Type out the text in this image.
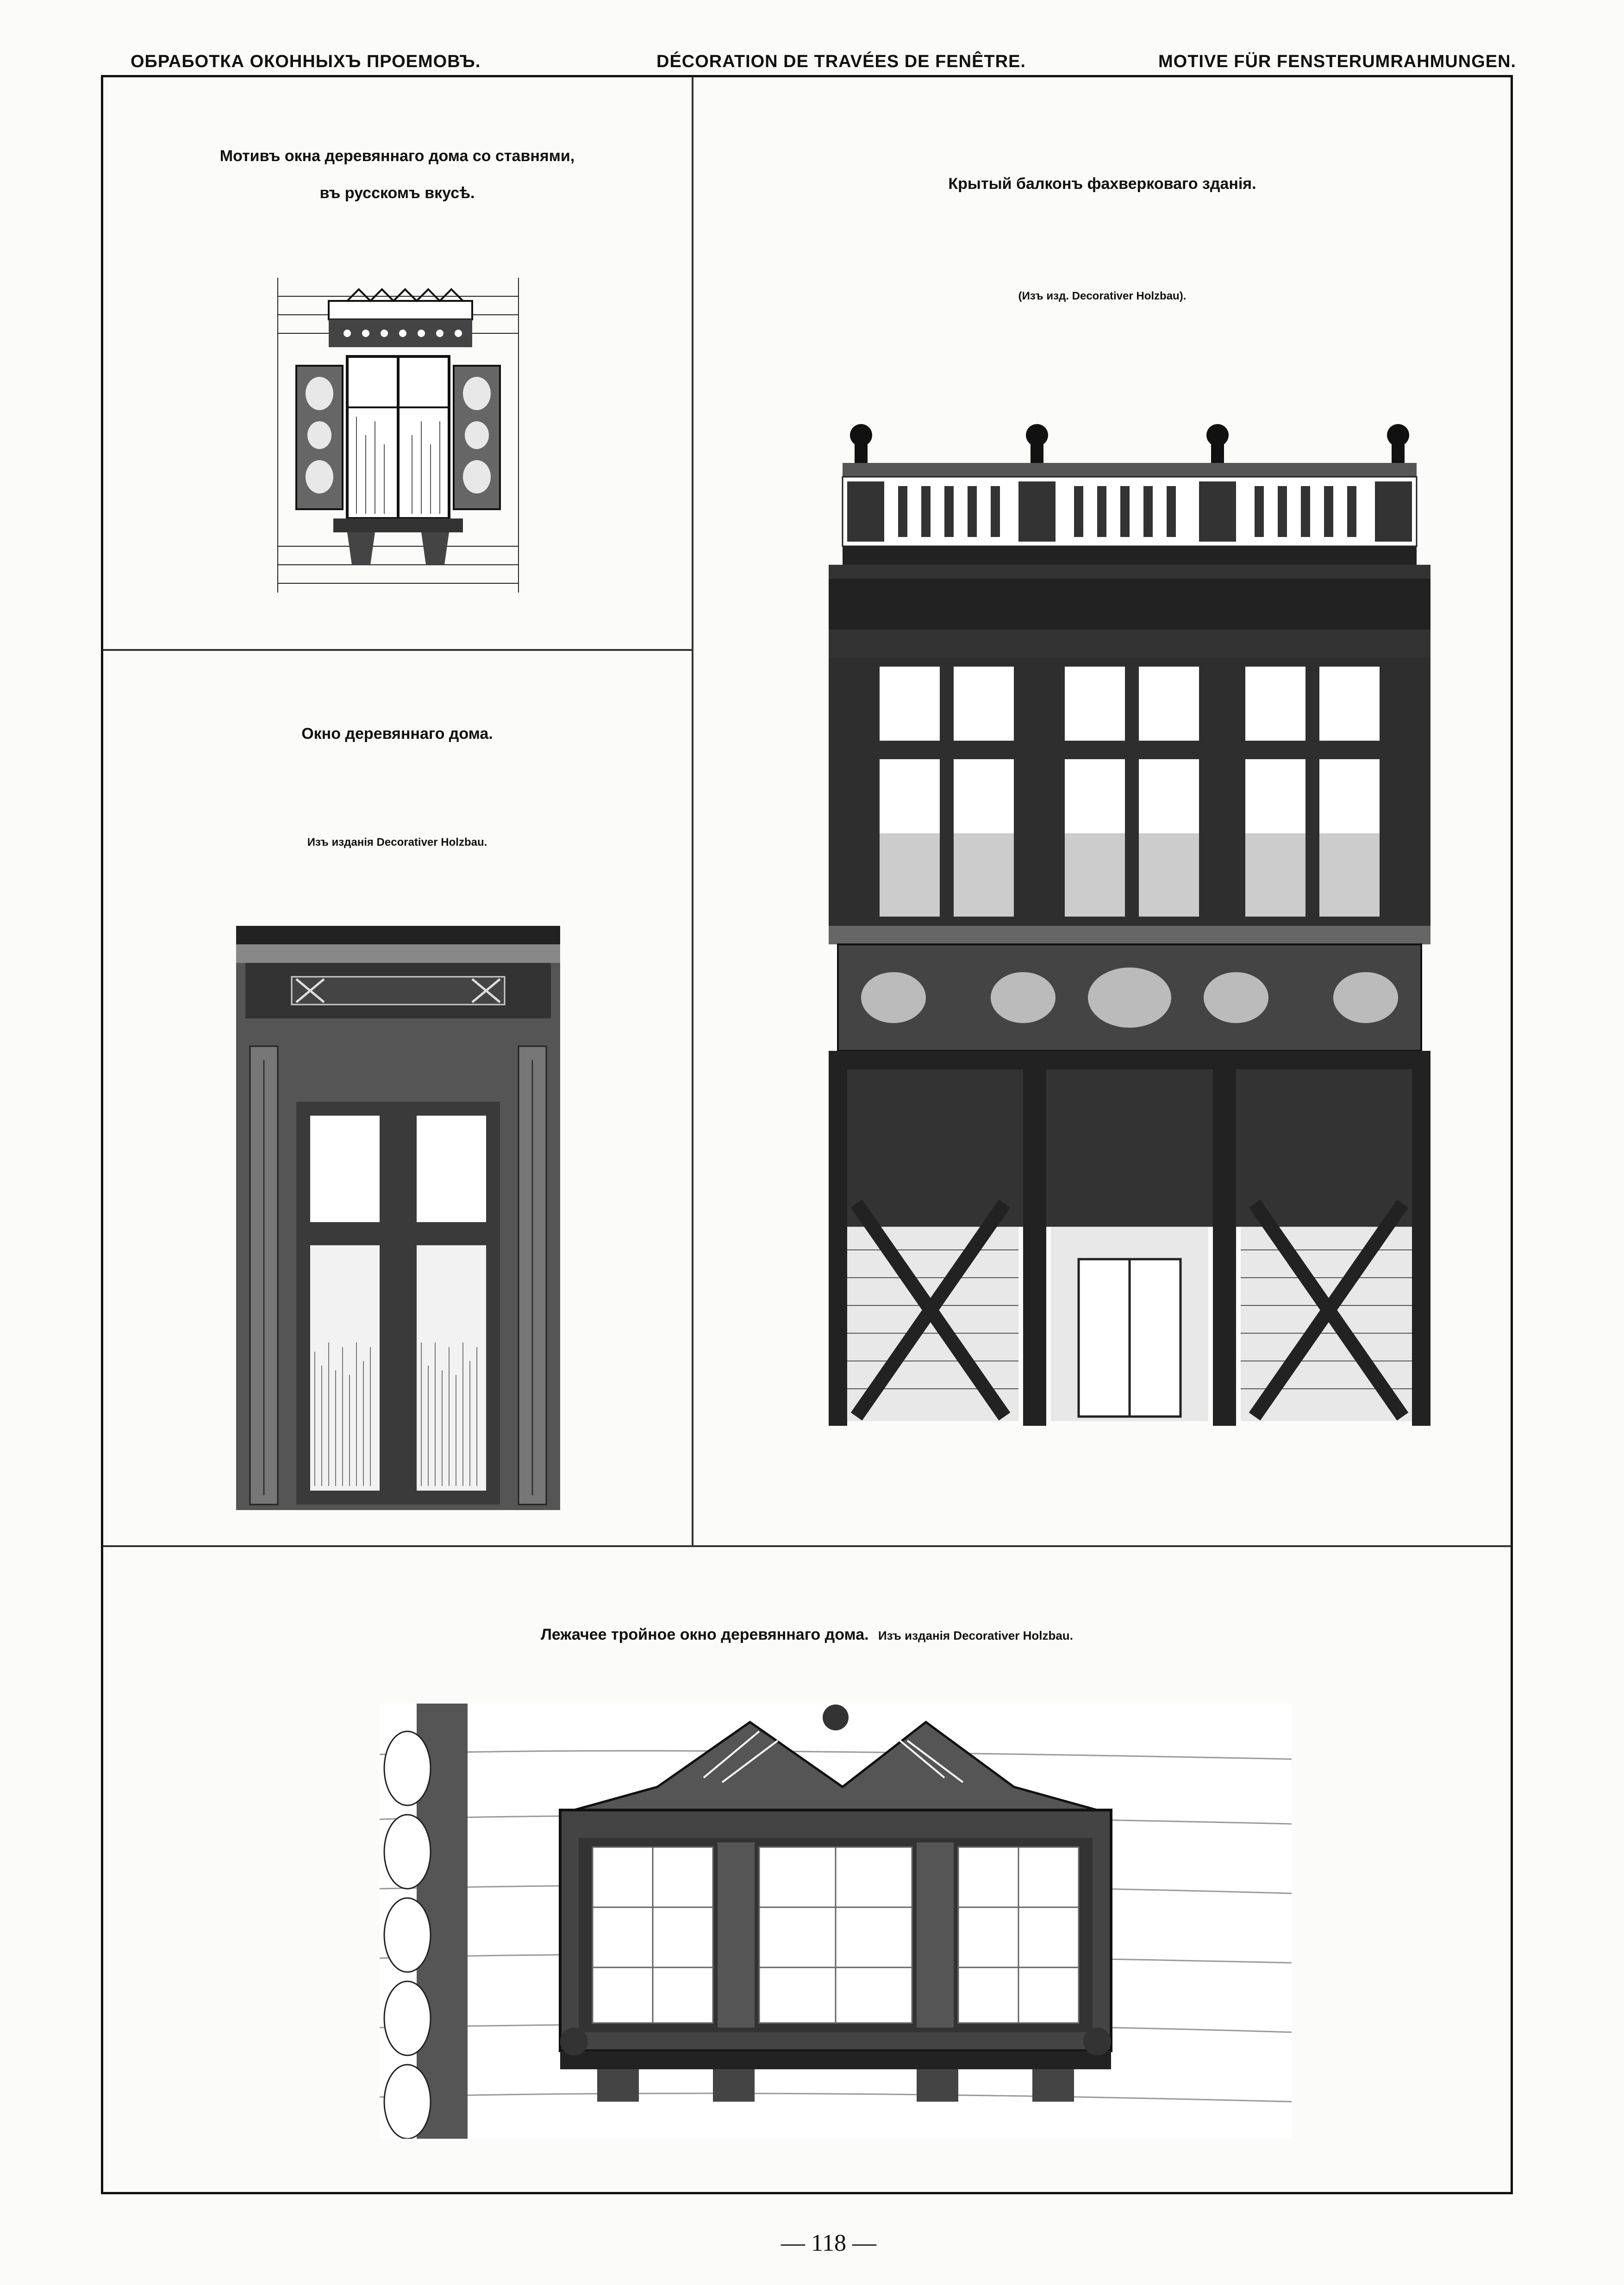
ОБРАБОТКА ОКОННЫХЪ ПРОЕМОВЪ.	DÉCORATION DE TRAVÉES DE FENÊTRE.	MOTIVE FÜR FENSTERUMRAHMUNGEN.
Мотивъ окна деревяннаго дома со ставнями,
въ русскомъ вкусѣ.
Окно деревяннаго дома.
Изъ изданія Decorativer Holzbau.
Крытый балконъ фахверковаго зданія.
(Изъ изд. Decorativer Holzbau).
Лежачее тройное окно деревяннаго дома. Изъ изданія Decorativer Holzbau.
— 118 —
